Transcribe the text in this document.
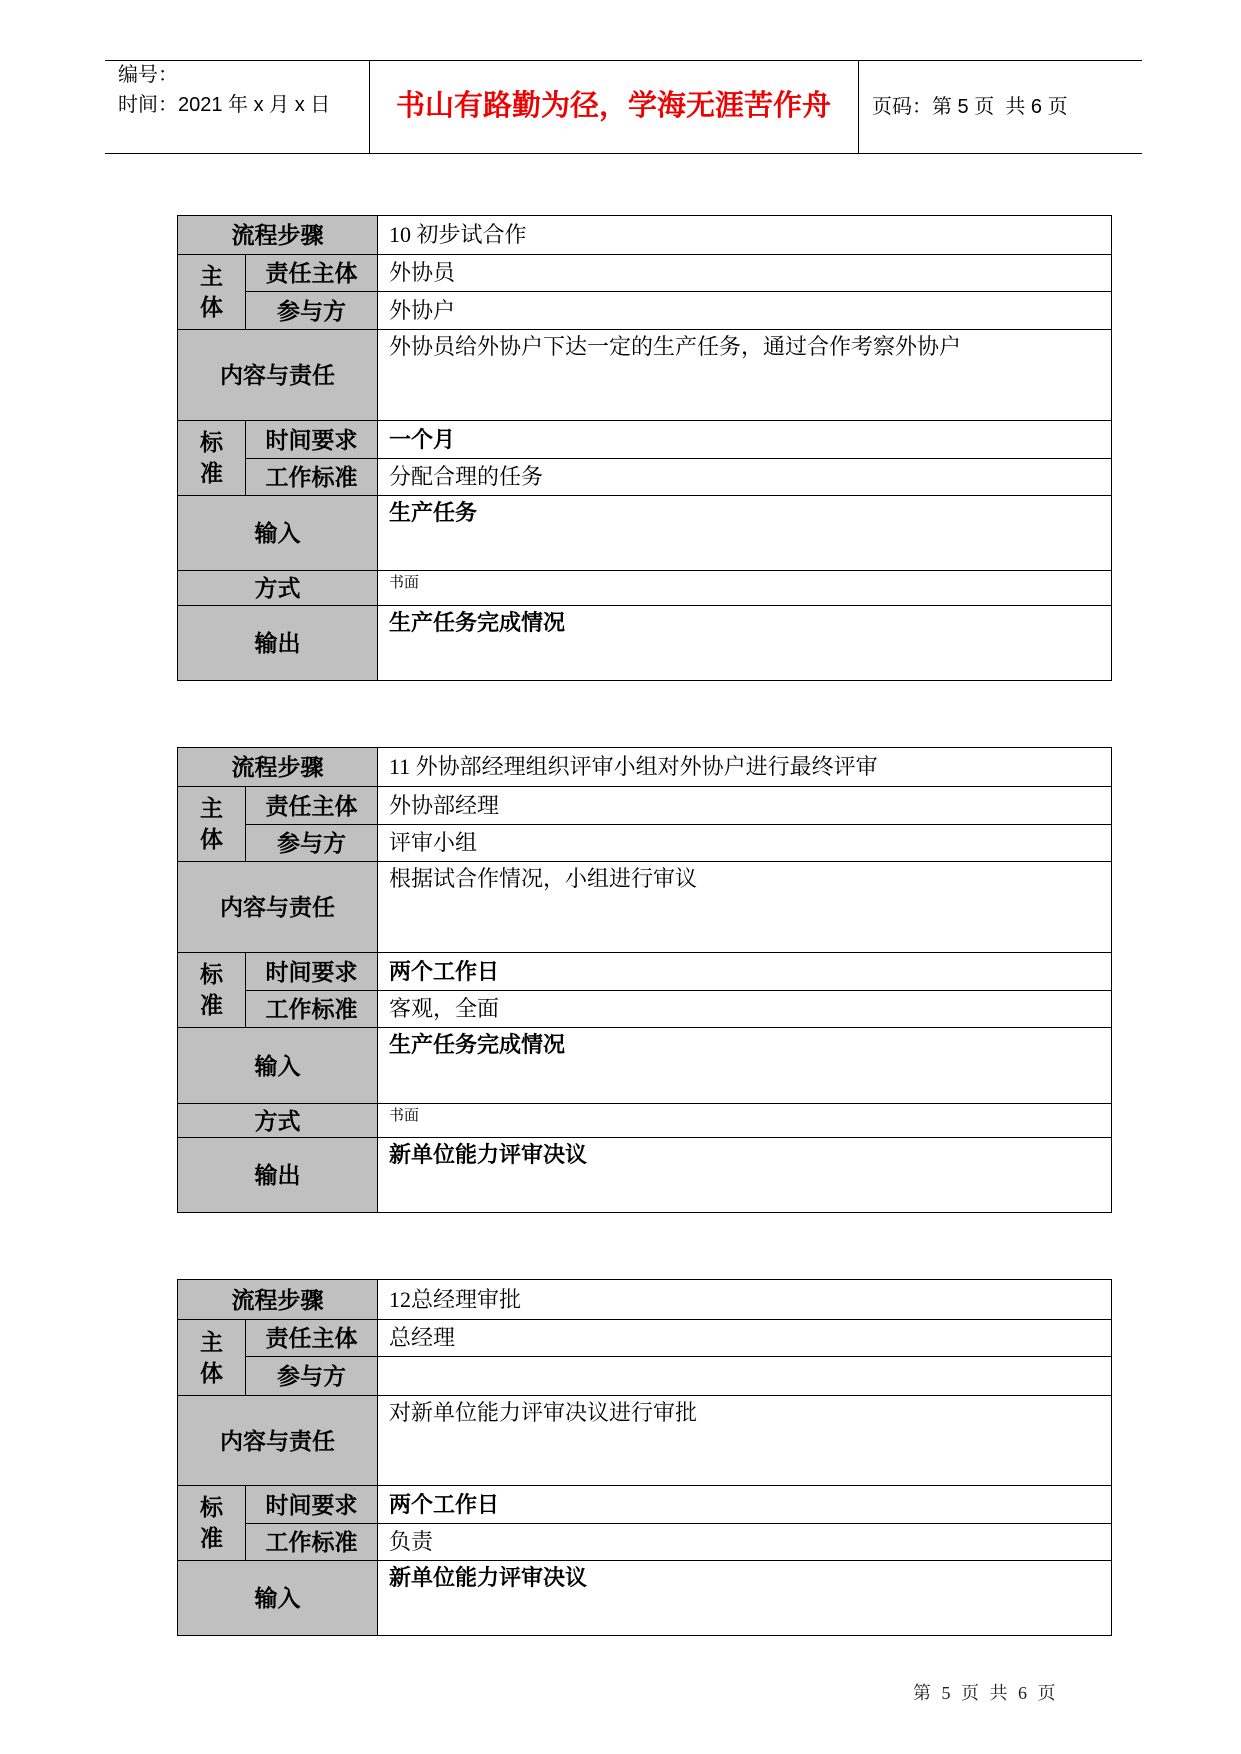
编号：
时间：2021 年 x 月 x 日	书山有路勤为径，学海无涯苦作舟	页码：第 5 页  共 6 页
流程步骤		10 初步试合作
主体	责任主体	外协员
	参与方	外协户
内容与责任		外协员给外协户下达一定的生产任务，通过合作考察外协户
标准	时间要求	一个月
	工作标准	分配合理的任务
输入		生产任务
方式		书面
输出		生产任务完成情况
流程步骤		11 外协部经理组织评审小组对外协户进行最终评审
主体	责任主体	外协部经理
	参与方	评审小组
内容与责任		根据试合作情况，小组进行审议
标准	时间要求	两个工作日
	工作标准	客观，全面
输入		生产任务完成情况
方式		书面
输出		新单位能力评审决议
流程步骤		12总经理审批
主体	责任主体	总经理
	参与方	
内容与责任		对新单位能力评审决议进行审批
标准	时间要求	两个工作日
	工作标准	负责
输入		新单位能力评审决议
第 5 页 共 6 页
